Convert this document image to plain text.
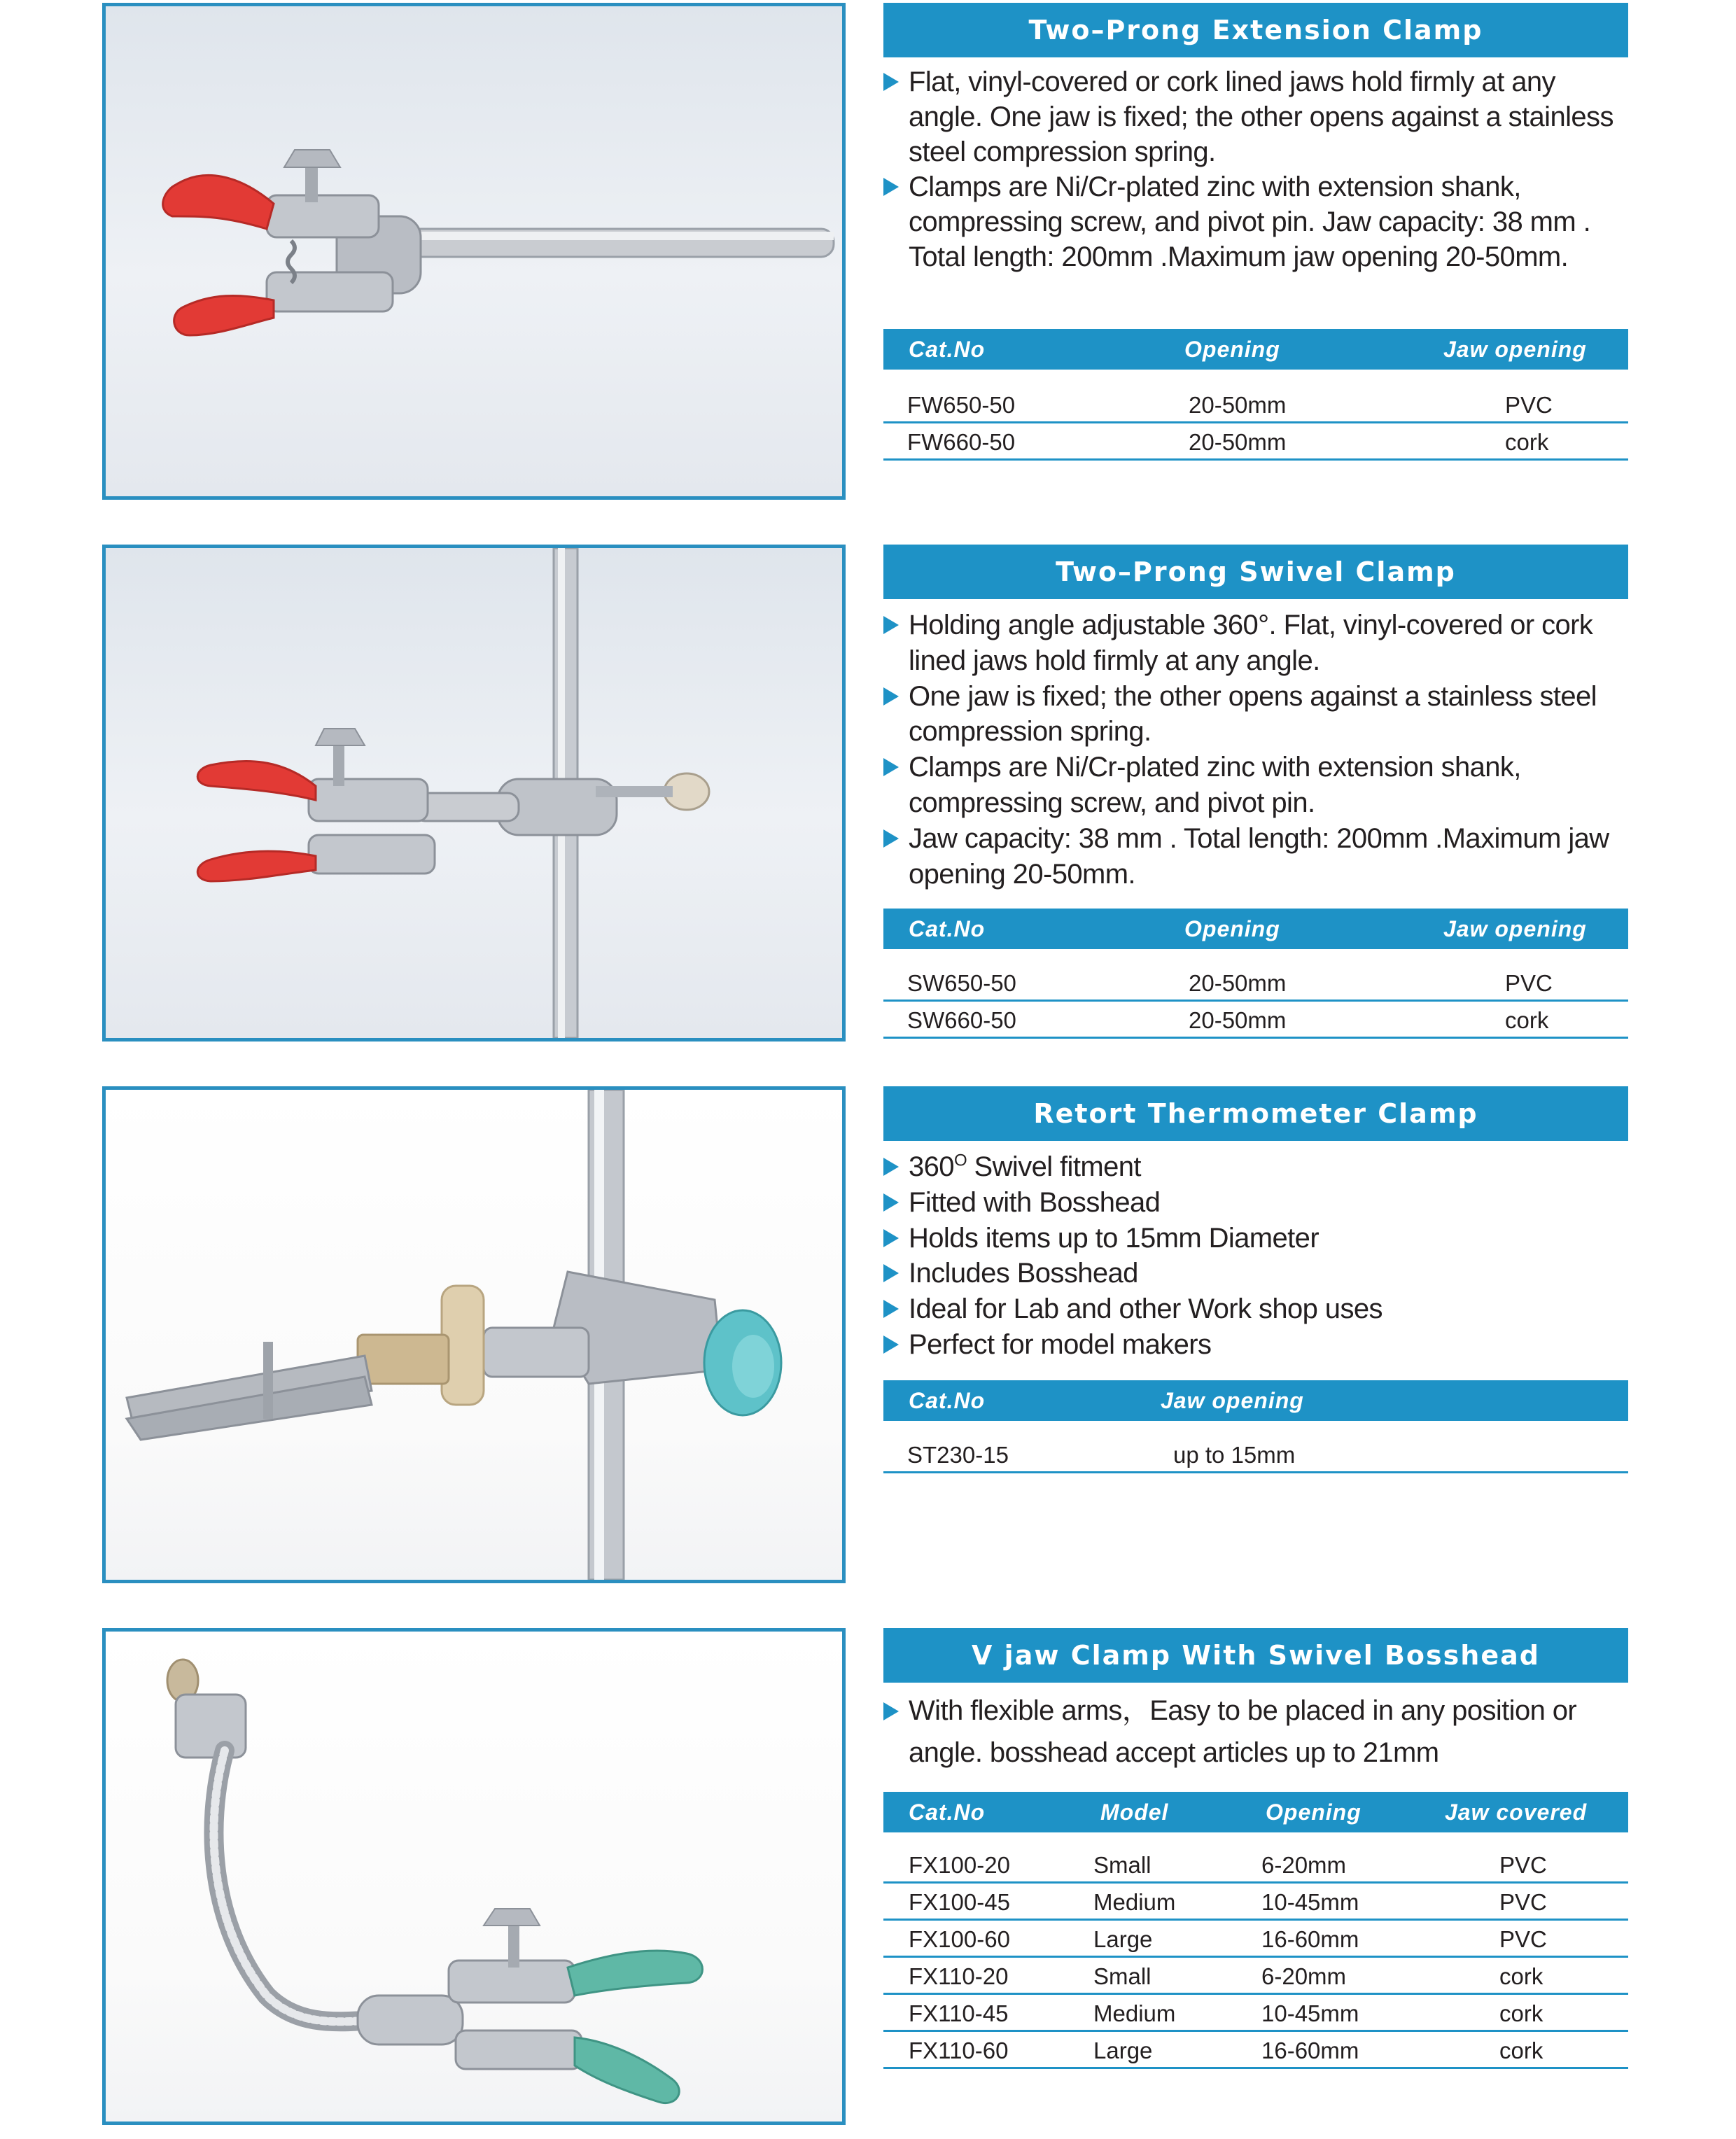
Two–Prong Extension Clamp
Flat, vinyl-covered or cork lined jaws hold firmly at any angle. One jaw is fixed; the other opens against a stainless steel compression spring.
Clamps are Ni/Cr-plated zinc with extension shank, compressing screw, and pivot pin. Jaw capacity: 38 mm . Total length: 200mm .Maximum jaw opening 20-50mm.
Cat.No	Opening	Jaw opening
FW650-50	20-50mm	PVC
FW660-50	20-50mm	cork
Two–Prong Swivel Clamp
Holding angle adjustable 360°. Flat, vinyl-covered or cork lined jaws hold firmly at any angle.
One jaw is fixed; the other opens against a stainless steel compression spring.
Clamps are Ni/Cr-plated zinc with extension shank, compressing screw, and pivot pin.
Jaw capacity: 38 mm . Total length: 200mm .Maximum jaw opening 20-50mm.
Cat.No	Opening	Jaw opening
SW650-50	20-50mm	PVC
SW660-50	20-50mm	cork
Retort Thermometer Clamp
$360^O$ Swivel fitment
Fitted with Bosshead
Holds items up to 15mm Diameter
Includes Bosshead
Ideal for Lab and other Work shop uses
Perfect for model makers
Cat.No	Jaw opening
ST230-15	up to 15mm
V jaw Clamp With Swivel Bosshead
With flexible arms，Easy to be placed in any position or angle. bosshead accept articles up to 21mm
Cat.No	Model	Opening	Jaw covered
FX100-20	Small	6-20mm	PVC
FX100-45	Medium	10-45mm	PVC
FX100-60	Large	16-60mm	PVC
FX110-20	Small	6-20mm	cork
FX110-45	Medium	10-45mm	cork
FX110-60	Large	16-60mm	cork
